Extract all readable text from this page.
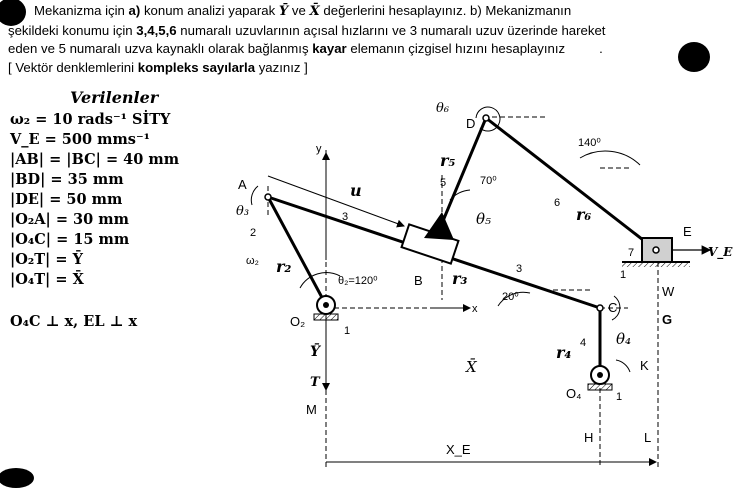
Mekanizma için a) konum analizi yaparak Ȳ ve X̄ değerlerini hesaplayınız. b) Mekanizmanın

şekildeki konumu için 3,4,5,6 numaralı uzuvlarının açısal hızlarını ve 3 numaralı uzuv üzerinde hareket

eden ve 5 numaralı uzva kaynaklı olarak bağlanmış kayar elemanın çizgisel hızını hesaplayınız	.

[ Vektör denklemlerini kompleks sayılarla yazınız ]

Verilenler
ω₂ = 10 rads⁻¹ SİTY
V_E = 500 mms⁻¹
|AB| = |BC| = 40 mm
|BD| = 35 mm
|DE| = 50 mm
|O₂A| = 30 mm
|O₄C| = 15 mm
|O₂T| = Ȳ
|O₄T| = X̄
O₄C ⊥ x, EL ⊥ x
A
B
D
E
C
O₂
O₄
T
M
H	L
K
W
G
y
x
θ₃
θ₆
θ₅
θ₄
r₂
r₃
r₄
r₅
r₆
u
ω₂
θ₂=120⁰
70⁰
140⁰
20⁰
1
1
1
2
3
3
4
5
6
7
Ȳ
X̄
X_E
V_E
